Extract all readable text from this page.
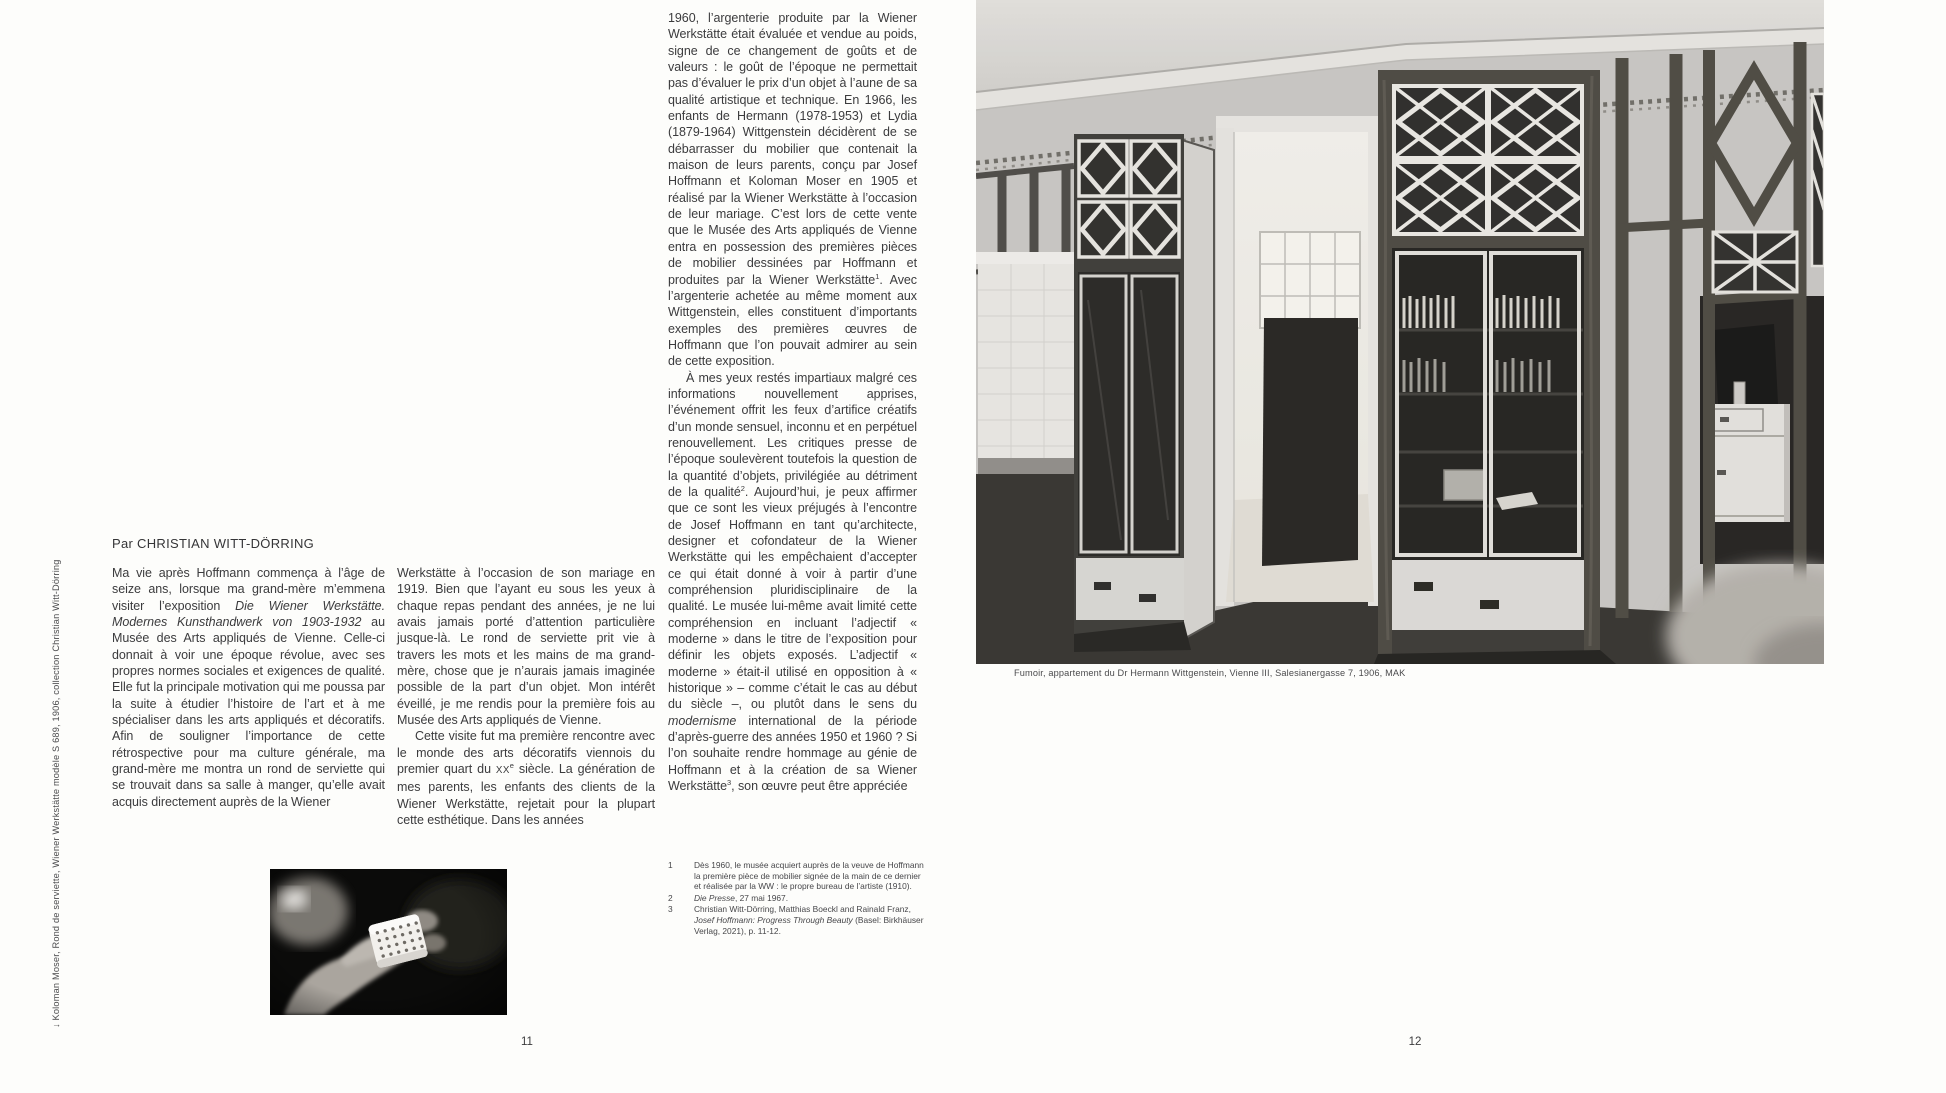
↓ Koloman Moser, Rond de serviette, Wiener Werkstätte modèle S 689, 1906, collection Christian Witt-Dörring
Par CHRISTIAN WITT-DÖRRING

Ma vie après Hoffmann commença à l’âge de seize ans, lorsque ma grand-mère m’emmena visiter l’exposition Die Wiener Werkstätte. Modernes Kunsthandwerk von 1903-1932 au Musée des Arts appliqués de Vienne. Celle-ci donnait à voir une époque révolue, avec ses propres normes sociales et exigences de qualité. Elle fut la principale motivation qui me poussa par la suite à étudier l’histoire de l’art et à me spécialiser dans les arts appliqués et décoratifs. Afin de souligner l’importance de cette rétrospective pour ma culture générale, ma grand-mère me montra un rond de serviette qui se trouvait dans sa salle à manger, qu’elle avait acquis directement auprès de la Wiener

Werkstätte à l’occasion de son mariage en 1919. Bien que l’ayant eu sous les yeux à chaque repas pendant des années, je ne lui avais jamais porté d’attention particulière jusque-là. Le rond de serviette prit vie à travers les mots et les mains de ma grand-mère, chose que je n’aurais jamais imaginée possible de la part d’un objet. Mon intérêt éveillé, je me rendis pour la première fois au Musée des Arts appliqués de Vienne.

Cette visite fut ma première rencontre avec le monde des arts décoratifs viennois du premier quart du XXe siècle. La génération de mes parents, les enfants des clients de la Wiener Werkstätte, rejetait pour la plupart cette esthétique. Dans les années

1960, l’argenterie produite par la Wiener Werkstätte était évaluée et vendue au poids, signe de ce changement de goûts et de valeurs : le goût de l’époque ne permettait pas d’évaluer le prix d’un objet à l’aune de sa qualité artistique et technique. En 1966, les enfants de Hermann (1978-1953) et Lydia (1879-1964) Wittgenstein décidèrent de se débarrasser du mobilier que contenait la maison de leurs parents, conçu par Josef Hoffmann et Koloman Moser en 1905 et réalisé par la Wiener Werkstätte à l’occasion de leur mariage. C’est lors de cette vente que le Musée des Arts appliqués de Vienne entra en possession des premières pièces de mobilier dessinées par Hoffmann et produites par la Wiener Werkstätte$^1$. Avec l’argenterie achetée au même moment aux Wittgenstein, elles constituent d’importants exemples des premières œuvres de Hoffmann que l’on pouvait admirer au sein de cette exposition.

À mes yeux restés impartiaux malgré ces informations nouvellement apprises, l’événement offrit les feux d’artifice créatifs d’un monde sensuel, inconnu et en perpétuel renouvellement. Les critiques presse de l’époque soulevèrent toutefois la question de la quantité d’objets, privilégiée au détriment de la qualité$^2$. Aujourd’hui, je peux affirmer que ce sont les vieux préjugés à l’encontre de Josef Hoffmann en tant qu’architecte, designer et cofondateur de la Wiener Werkstätte qui les empêchaient d’accepter ce qui était donné à voir à partir d’une compréhension pluridisciplinaire de la qualité. Le musée lui-même avait limité cette compréhension en incluant l’adjectif « moderne » dans le titre de l’exposition pour définir les objets exposés. L’adjectif « moderne » était-il utilisé en opposition à « historique » – comme c’était le cas au début du siècle –, ou plutôt dans le sens du modernisme international de la période d’après-guerre des années 1950 et 1960 ? Si l’on souhaite rendre hommage au génie de Hoffmann et à la création de sa Wiener Werkstätte$^3$, son œuvre peut être appréciée

1	Dès 1960, le musée acquiert auprès de la veuve de Hoffmann la première pièce de mobilier signée de la main de ce dernier et réalisée par la WW : le propre bureau de l’artiste (1910).
2	Die Presse, 27 mai 1967.
3	Christian Witt-Dörring, Matthias Boeckl and Rainald Franz, Josef Hoffmann: Progress Through Beauty (Basel: Birkhäuser Verlag, 2021), p. 11-12.
Fumoir, appartement du Dr Hermann Wittgenstein, Vienne III, Salesianergasse 7, 1906, MAK
11	12
